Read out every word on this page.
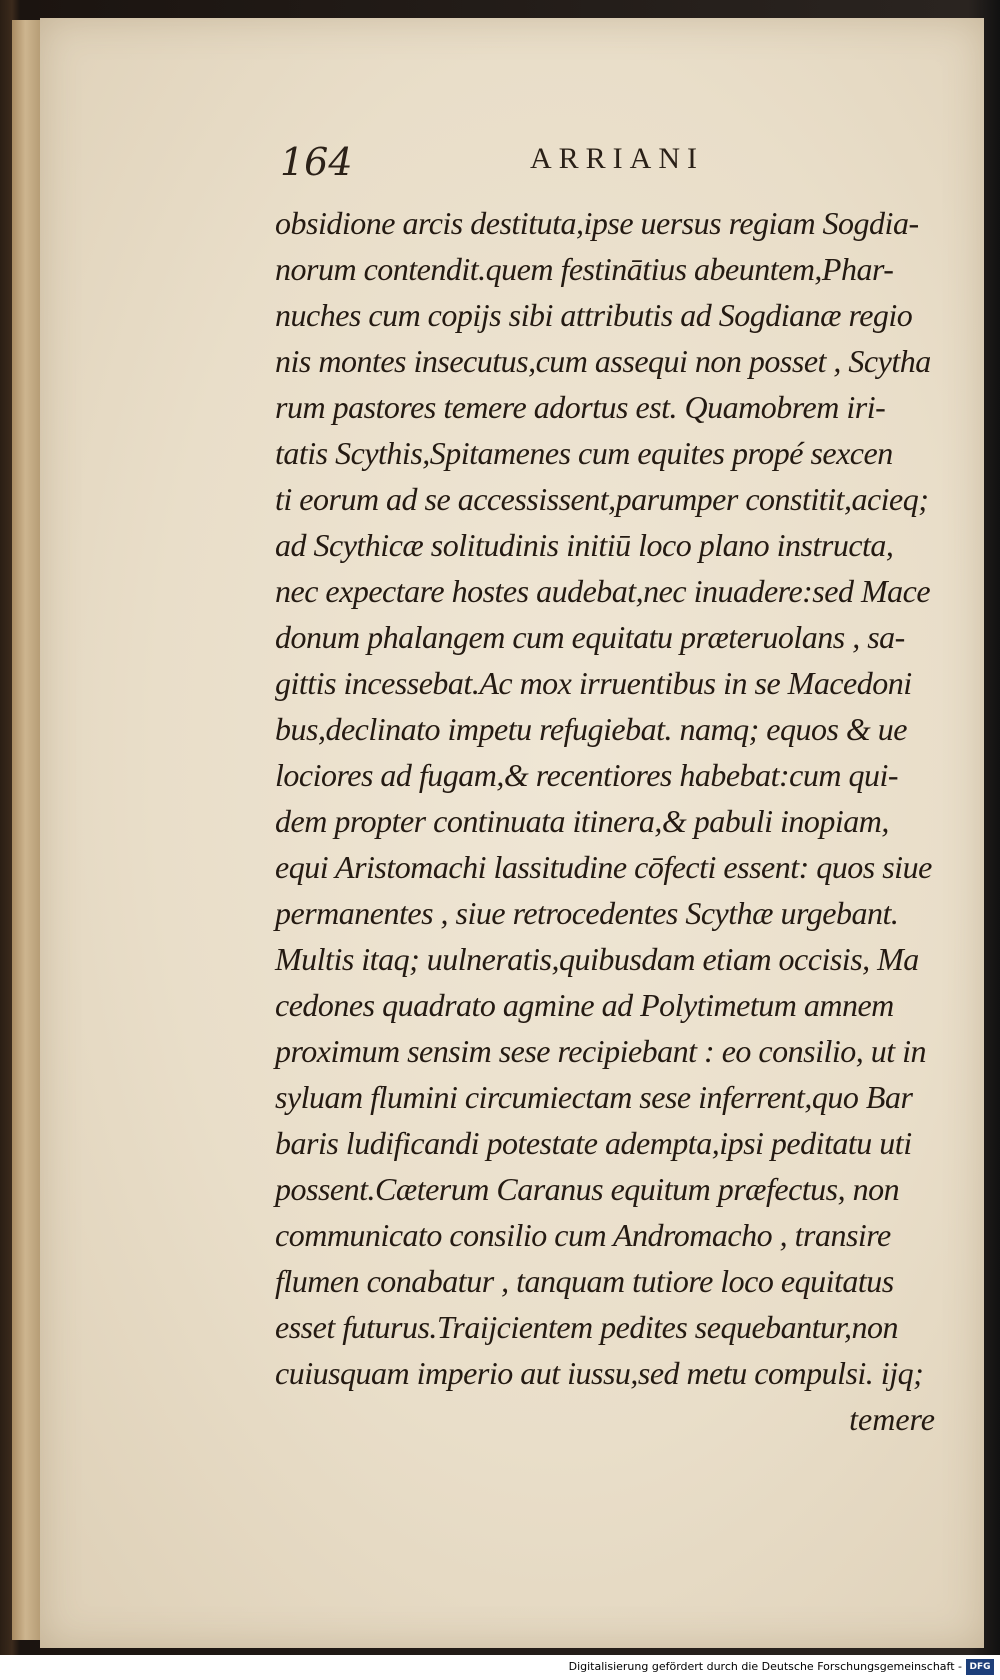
164	ARRIANI
obsidione arcis destituta,ipse uersus regiam Sogdia-
norum contendit.quem festinātius abeuntem,Phar-
nuches cum copijs sibi attributis ad Sogdianæ regio
nis montes insecutus,cum assequi non posset , Scytha
rum pastores temere adortus est. Quamobrem iri-
tatis Scythis,Spitamenes cum equites propé sexcen
ti eorum ad se accessissent,parumper constitit,acieq;
ad Scythicæ solitudinis initiū loco plano instructa,
nec expectare hostes audebat,nec inuadere:sed Mace
donum phalangem cum equitatu præteruolans , sa-
gittis incessebat.Ac mox irruentibus in se Macedoni
bus,declinato impetu refugiebat. namq; equos & ue
lociores ad fugam,& recentiores habebat:cum qui-
dem propter continuata itinera,& pabuli inopiam,
equi Aristomachi lassitudine cōfecti essent: quos siue
permanentes , siue retrocedentes Scythæ urgebant.
Multis itaq; uulneratis,quibusdam etiam occisis, Ma
cedones quadrato agmine ad Polytimetum amnem
proximum sensim sese recipiebant : eo consilio, ut in
syluam flumini circumiectam sese inferrent,quo Bar
baris ludificandi potestate adempta,ipsi peditatu uti
possent.Cæterum Caranus equitum præfectus, non
communicato consilio cum Andromacho , transire
flumen conabatur , tanquam tutiore loco equitatus
esset futurus.Traijcientem pedites sequebantur,non
cuiusquam imperio aut iussu,sed metu compulsi. ijq;
temere
Digitalisierung gefördert durch die Deutsche Forschungsgemeinschaft - DFG
